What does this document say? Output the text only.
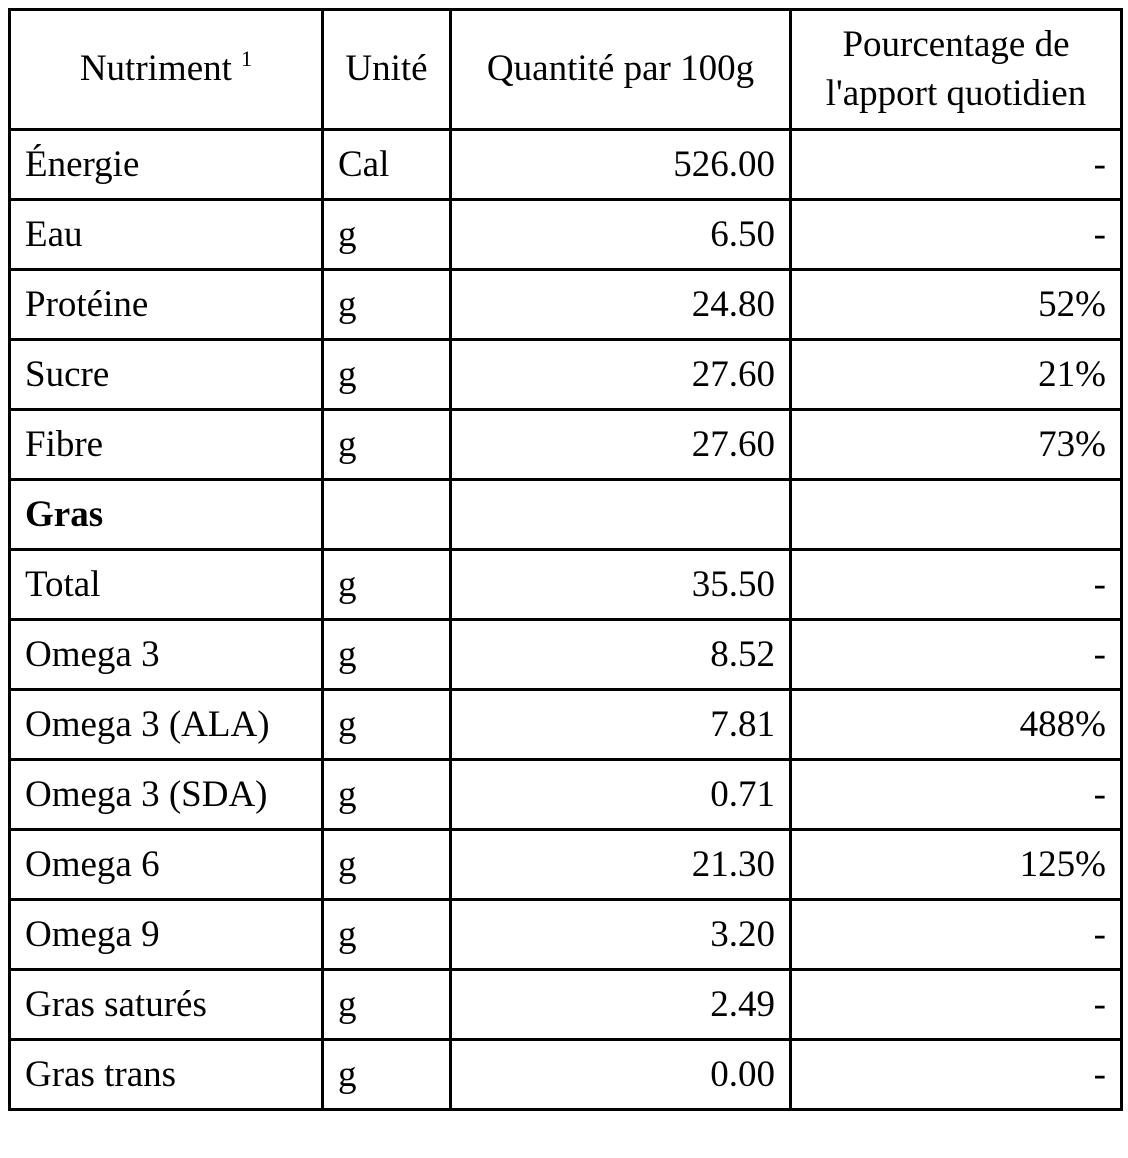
Nutriment $^1$	Unité	Quantité par 100g	Pourcentage de l'apport quotidien
Énergie	Cal	526.00	-
Eau	g	6.50	-
Protéine	g	24.80	52%
Sucre	g	27.60	21%
Fibre	g	27.60	73%
Gras			
Total	g	35.50	-
Omega 3	g	8.52	-
Omega 3 (ALA)	g	7.81	488%
Omega 3 (SDA)	g	0.71	-
Omega 6	g	21.30	125%
Omega 9	g	3.20	-
Gras saturés	g	2.49	-
Gras trans	g	0.00	-
